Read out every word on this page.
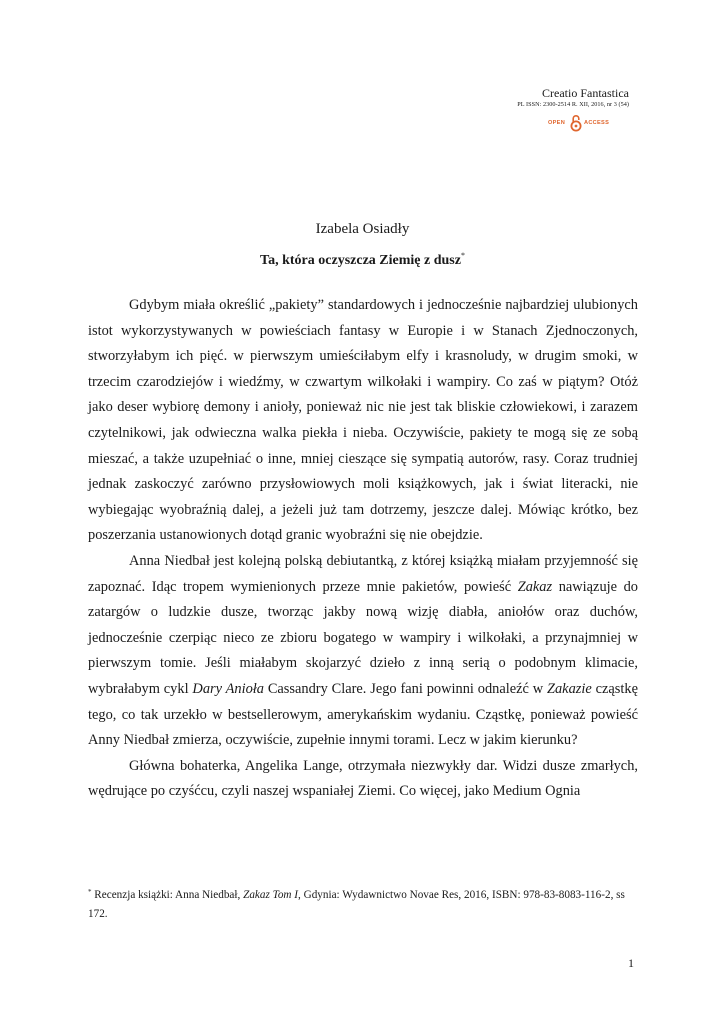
Creatio Fantastica
PL ISSN: 2300-2514 R. XII, 2016, nr 3 (54)
OPEN	ACCESS
Izabela Osiadły
Ta, która oczyszcza Ziemię z dusz*

Gdybym miała określić „pakiety” standardowych i jednocześnie najbardziej ulubionych istot wykorzystywanych w powieściach fantasy w Europie i w Stanach Zjednoczonych, stworzyłabym ich pięć. w pierwszym umieściłabym elfy i krasnoludy, w drugim smoki, w trzecim czarodziejów i wiedźmy, w czwartym wilkołaki i wampiry. Co zaś w piątym? Otóż jako deser wybiorę demony i anioły, ponieważ nic nie jest tak bliskie człowiekowi, i zarazem czytelnikowi, jak odwieczna walka piekła i nieba. Oczywiście, pakiety te mogą się ze sobą mieszać, a także uzupełniać o inne, mniej cieszące się sympatią autorów, rasy. Coraz trudniej jednak zaskoczyć zarówno przysłowiowych moli książkowych, jak i świat literacki, nie wybiegając wyobraźnią dalej, a jeżeli już tam dotrzemy, jeszcze dalej. Mówiąc krótko, bez poszerzania ustanowionych dotąd granic wyobraźni się nie obejdzie.

Anna Niedbał jest kolejną polską debiutantką, z której książką miałam przyjemność się zapoznać. Idąc tropem wymienionych przeze mnie pakietów, powieść Zakaz nawiązuje do zatargów o ludzkie dusze, tworząc jakby nową wizję diabła, aniołów oraz duchów, jednocześnie czerpiąc nieco ze zbioru bogatego w wampiry i wilkołaki, a przynajmniej w pierwszym tomie. Jeśli miałabym skojarzyć dzieło z inną serią o podobnym klimacie, wybrałabym cykl Dary Anioła Cassandry Clare. Jego fani powinni odnaleźć w Zakazie cząstkę tego, co tak urzekło w bestsellerowym, amerykańskim wydaniu. Cząstkę, ponieważ powieść Anny Niedbał zmierza, oczywiście, zupełnie innymi torami. Lecz w jakim kierunku?

Główna bohaterka, Angelika Lange, otrzymała niezwykły dar. Widzi dusze zmarłych, wędrujące po czyśćcu, czyli naszej wspaniałej Ziemi. Co więcej, jako Medium Ognia

* Recenzja książki: Anna Niedbał, Zakaz Tom I, Gdynia: Wydawnictwo Novae Res, 2016, ISBN: 978-83-8083-116-2, ss 172.
1
